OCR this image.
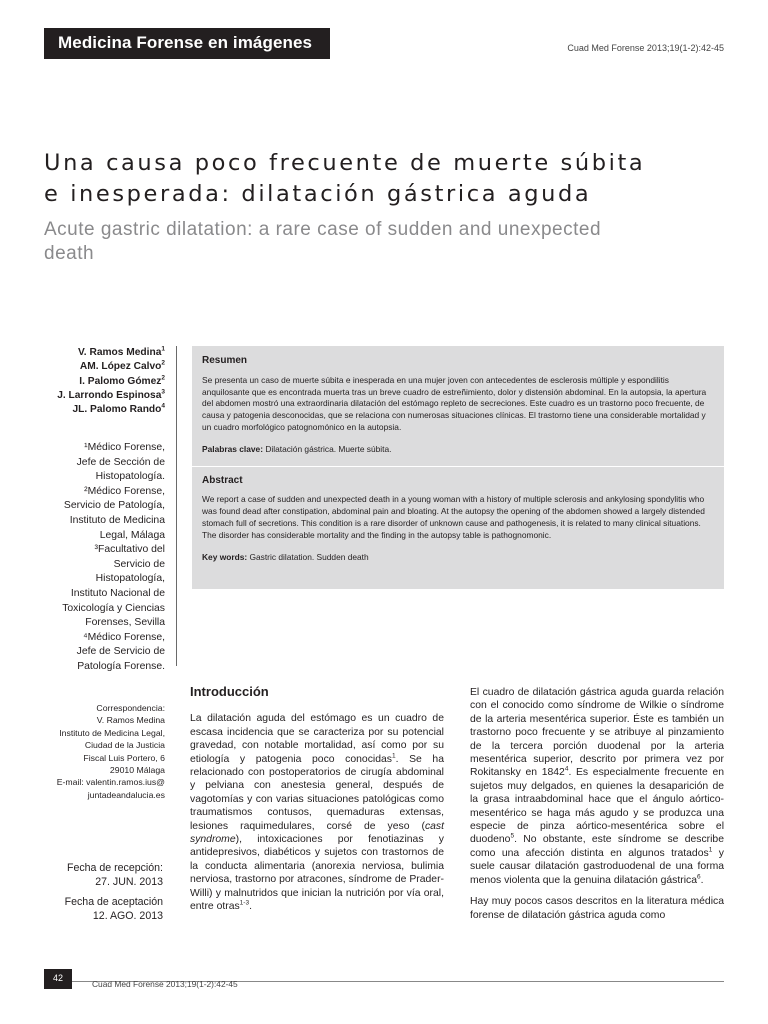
Medicina Forense en imágenes	Cuad Med Forense 2013;19(1-2):42-45
Una causa poco frecuente de muerte súbita
e inesperada: dilatación gástrica aguda
Acute gastric dilatation: a rare case of sudden and unexpected
death
V. Ramos Medina$^1$
AM. López Calvo$^2$
I. Palomo Gómez$^2$
J. Larrondo Espinosa$^3$
JL. Palomo Rando$^4$
¹Médico Forense,
Jefe de Sección de
Histopatología.
²Médico Forense,
Servicio de Patología,
Instituto de Medicina
Legal, Málaga
³Facultativo del
Servicio de
Histopatología,
Instituto Nacional de
Toxicología y Ciencias
Forenses, Sevilla
⁴Médico Forense,
Jefe de Servicio de
Patología Forense.
Resumen

Se presenta un caso de muerte súbita e inesperada en una mujer joven con antecedentes de esclerosis múltiple y espondilitis anquilosante que es encontrada muerta tras un breve cuadro de estreñimiento, dolor y distensión abdominal. En la autopsia, la apertura del abdomen mostró una extraordinaria dilatación del estómago repleto de secreciones. Este cuadro es un trastorno poco frecuente, de causa y patogenia desconocidas, que se relaciona con numerosas situaciones clínicas. El trastorno tiene una considerable mortalidad y un cuadro morfológico patognomónico en la autopsia.

Palabras clave: Dilatación gástrica. Muerte súbita.

Abstract

We report a case of sudden and unexpected death in a young woman with a history of multiple sclerosis and ankylosing spondylitis who was found dead after constipation, abdominal pain and bloating. At the autopsy the opening of the abdomen showed a largely distended stomach full of secretions. This condition is a rare disorder of unknown cause and pathogenesis, it is related to many clinical situations. The disorder has considerable mortality and the finding in the autopsy table is pathognomonic.

Key words: Gastric dilatation. Sudden death

Correspondencia:
V. Ramos Medina
Instituto de Medicina Legal,
Ciudad de la Justicia
Fiscal Luis Portero, 6
29010 Málaga
E-mail: valentin.ramos.ius@
juntadeandalucia.es
Fecha de recepción:
27. JUN. 2013
Fecha de aceptación
12. AGO. 2013
Introducción

La dilatación aguda del estómago es un cuadro de escasa incidencia que se caracteriza por su potencial gravedad, con notable mortalidad, así como por su etiología y patogenia poco conocidas$^1$. Se ha relacionado con postoperatorios de cirugía abdominal y pelviana con anestesia general, después de vagotomías y con varias situaciones patológicas como traumatismos contusos, quemaduras extensas, lesiones raquimedulares, corsé de yeso (cast syndrome), intoxicaciones por fenotiazinas y antidepresivos, diabéticos y sujetos con trastornos de la conducta alimentaria (anorexia nerviosa, bulimia nerviosa, trastorno por atracones, síndrome de Prader-Willi) y malnutridos que inician la nutrición por vía oral, entre otras$^{1-3}$.

El cuadro de dilatación gástrica aguda guarda relación con el conocido como síndrome de Wilkie o síndrome de la arteria mesentérica superior. Éste es también un trastorno poco frecuente y se atribuye al pinzamiento de la tercera porción duodenal por la arteria mesentérica superior, descrito por primera vez por Rokitansky en 1842$^4$. Es especialmente frecuente en sujetos muy delgados, en quienes la desaparición de la grasa intraabdominal hace que el ángulo aórtico-mesentérico se haga más agudo y se produzca una especie de pinza aórtico-mesentérica sobre el duodeno$^5$. No obstante, este síndrome se describe como una afección distinta en algunos tratados$^1$ y suele causar dilatación gastroduodenal de una forma menos violenta que la genuina dilatación gástrica$^6$.

Hay muy pocos casos descritos en la literatura médica forense de dilatación gástrica aguda como

42
Cuad Med Forense 2013;19(1-2):42-45
